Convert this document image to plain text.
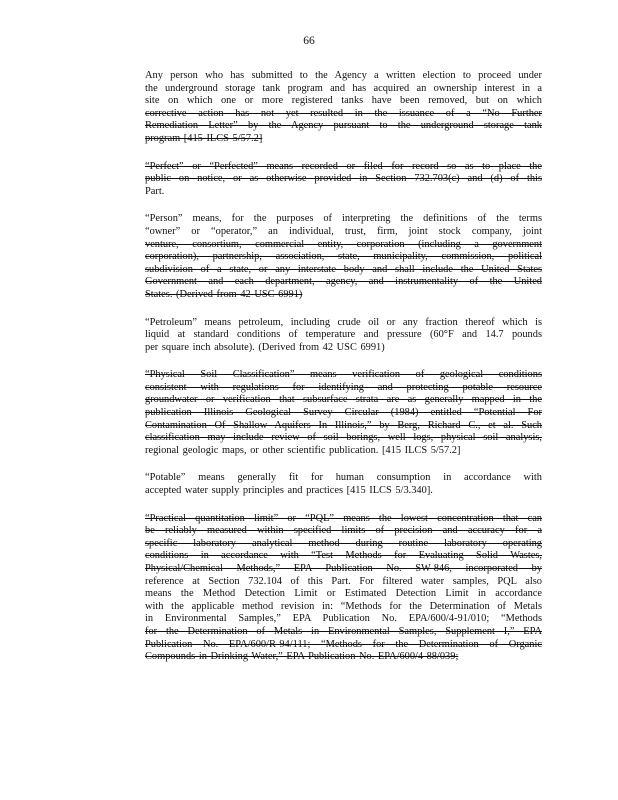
66
Any person who has submitted to the Agency a written election to proceed under
the underground storage tank program and has acquired an ownership interest in a
site on which one or more registered tanks have been removed, but on which
corrective action has not yet resulted in the issuance of a “No Further
Remediation Letter” by the Agency pursuant to the underground storage tank
program [415 ILCS 5/57.2]
“Perfect” or “Perfected” means recorded or filed for record so as to place the
public on notice, or as otherwise provided in Section 732.703(c) and (d) of this
Part.
“Person” means, for the purposes of interpreting the definitions of the terms
“owner” or “operator,” an individual, trust, firm, joint stock company, joint
venture, consortium, commercial entity, corporation (including a government
corporation), partnership, association, state, municipality, commission, political
subdivision of a state, or any interstate body and shall include the United States
Government and each department, agency, and instrumentality of the United
States. (Derived from 42 USC 6991)
“Petroleum” means petroleum, including crude oil or any fraction thereof which is
liquid at standard conditions of temperature and pressure (60°F and 14.7 pounds
per square inch absolute). (Derived from 42 USC 6991)
“Physical Soil Classification” means verification of geological conditions
consistent with regulations for identifying and protecting potable resource
groundwater or verification that subsurface strata are as generally mapped in the
publication Illinois Geological Survey Circular (1984) entitled “Potential For
Contamination Of Shallow Aquifers In Illinois,” by Berg, Richard C., et al. Such
classification may include review of soil borings, well logs, physical soil analysis,
regional geologic maps, or other scientific publication. [415 ILCS 5/57.2]
“Potable” means generally fit for human consumption in accordance with
accepted water supply principles and practices [415 ILCS 5/3.340].
“Practical quantitation limit” or “PQL” means the lowest concentration that can
be reliably measured within specified limits of precision and accuracy for a
specific laboratory analytical method during routine laboratory operating
conditions in accordance with “Test Methods for Evaluating Solid Wastes,
Physical/Chemical Methods,” EPA Publication No. SW-846, incorporated by
reference at Section 732.104 of this Part. For filtered water samples, PQL also
means the Method Detection Limit or Estimated Detection Limit in accordance
with the applicable method revision in: “Methods for the Determination of Metals
in Environmental Samples,” EPA Publication No. EPA/600/4-91/010; “Methods
for the Determination of Metals in Environmental Samples, Supplement I,” EPA
Publication No. EPA/600/R-94/111; “Methods for the Determination of Organic
Compounds in Drinking Water,” EPA Publication No. EPA/600/4-88/039;
